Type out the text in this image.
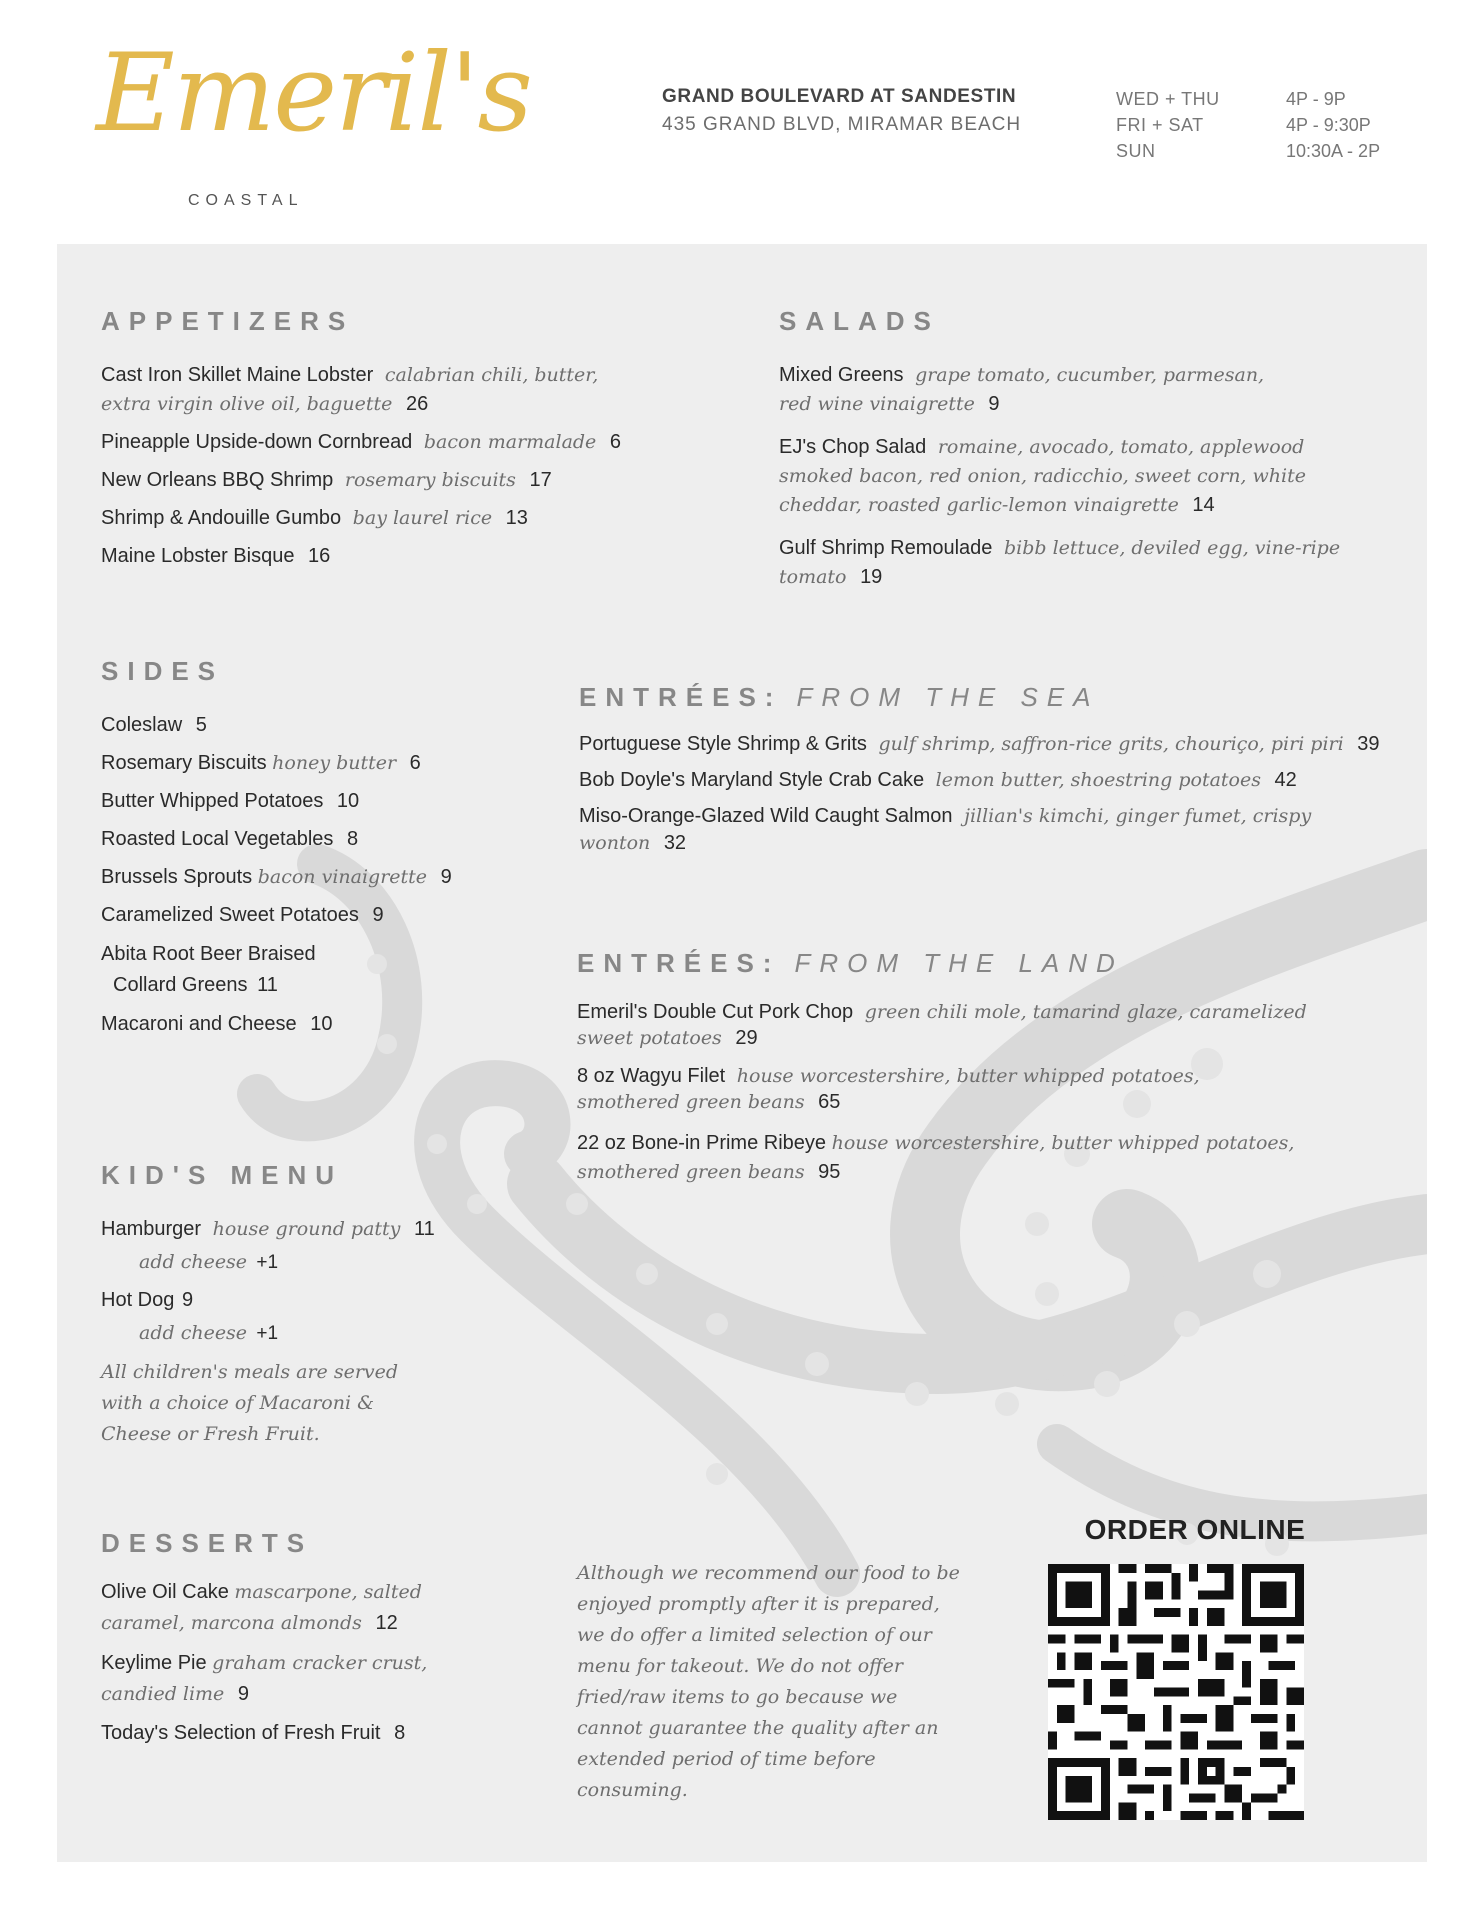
Emeril's
COASTAL
GRAND BOULEVARD AT SANDESTIN
435 GRAND BLVD, MIRAMAR BEACH
WED + THU	4P - 9P
FRI + SAT	4P - 9:30P
SUN	10:30A - 2P
APPETIZERS
Cast Iron Skillet Maine Lobster calabrian chili, butter, extra virgin olive oil, baguette 26
Pineapple Upside-down Cornbread bacon marmalade 6
New Orleans BBQ Shrimp rosemary biscuits 17
Shrimp & Andouille Gumbo bay laurel rice 13
Maine Lobster Bisque 16
SALADS
Mixed Greens grape tomato, cucumber, parmesan, red wine vinaigrette 9
EJ's Chop Salad romaine, avocado, tomato, applewood smoked bacon, red onion, radicchio, sweet corn, white cheddar, roasted garlic-lemon vinaigrette 14
Gulf Shrimp Remoulade bibb lettuce, deviled egg, vine-ripe tomato 19
SIDES
Coleslaw 5
Rosemary Biscuits honey butter 6
Butter Whipped Potatoes 10
Roasted Local Vegetables 8
Brussels Sprouts bacon vinaigrette 9
Caramelized Sweet Potatoes 9
Abita Root Beer Braised
Collard Greens 11
Macaroni and Cheese 10
ENTRÉES: FROM THE SEA
Portuguese Style Shrimp & Grits gulf shrimp, saffron-rice grits, chouriço, piri piri 39
Bob Doyle's Maryland Style Crab Cake lemon butter, shoestring potatoes 42
Miso-Orange-Glazed Wild Caught Salmon jillian's kimchi, ginger fumet, crispy wonton 32
ENTRÉES: FROM THE LAND
Emeril's Double Cut Pork Chop green chili mole, tamarind glaze, caramelized sweet potatoes 29
8 oz Wagyu Filet house worcestershire, butter whipped potatoes, smothered green beans 65
22 oz Bone-in Prime Ribeye house worcestershire, butter whipped potatoes, smothered green beans 95
KID'S MENU
Hamburger house ground patty 11
add cheese +1
Hot Dog 9
add cheese +1
All children's meals are served with a choice of Macaroni & Cheese or Fresh Fruit.
DESSERTS
Olive Oil Cake mascarpone, salted caramel, marcona almonds 12
Keylime Pie graham cracker crust, candied lime 9
Today's Selection of Fresh Fruit 8
Although we recommend our food to be enjoyed promptly after it is prepared, we do offer a limited selection of our menu for takeout. We do not offer fried/raw items to go because we cannot guarantee the quality after an extended period of time before consuming.
ORDER ONLINE
